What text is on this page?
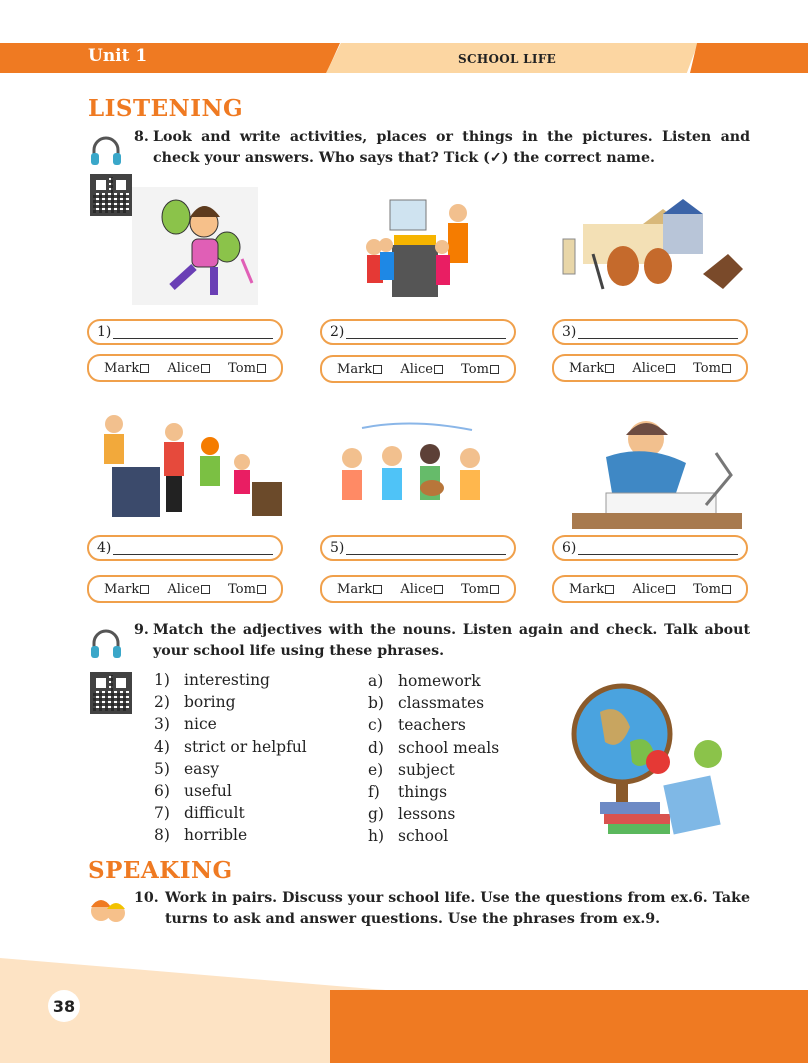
Unit 1	SCHOOL LIFE
LISTENING
8. Look and write activities, places or things in the pictures. Listen and check your answers. Who says that? Tick (✓) the correct name.
1)	2)	3)
Mark	Alice	Tom	Mark	Alice	Tom	Mark	Alice	Tom
4)	5)	6)
Mark	Alice	Tom	Mark	Alice	Tom	Mark	Alice	Tom
9. Match the adjectives with the nouns. Listen again and check. Talk about your school life using these phrases.
1) interesting
2) boring
3) nice
4) strict or helpful
5) easy
6) useful
7) difficult
8) horrible
a) homework
b) classmates
c) teachers
d) school meals
e) subject
f) things
g) lessons
h) school
SPEAKING
10. Work in pairs. Discuss your school life. Use the questions from ex.6. Take turns to ask and answer questions. Use the phrases from ex.9.
38
